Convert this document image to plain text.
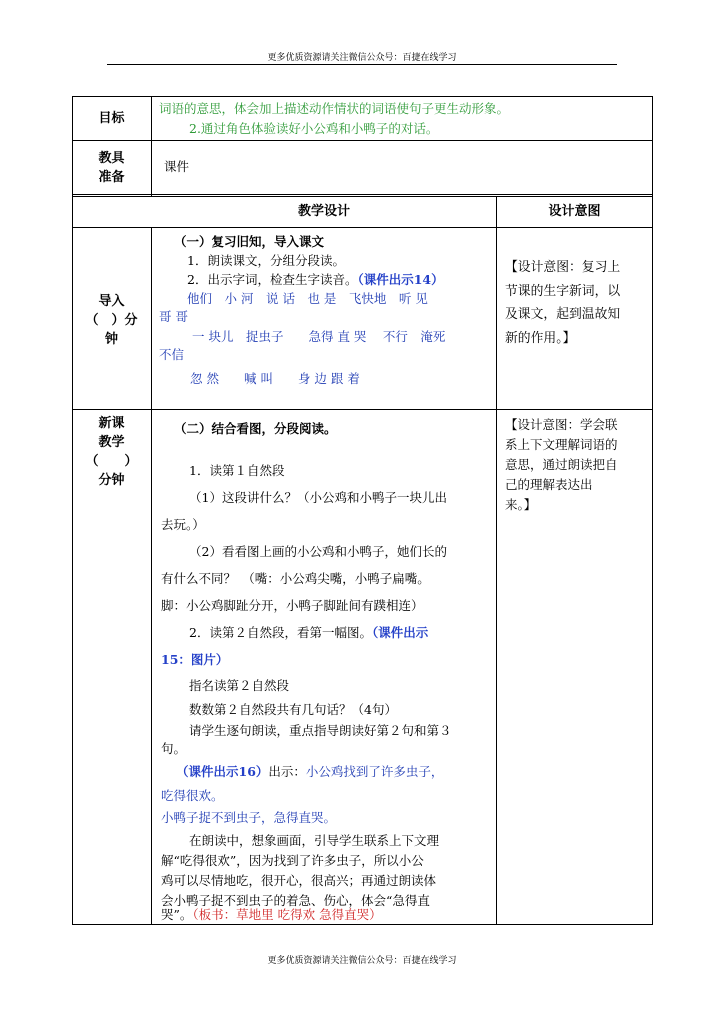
更多优质资源请关注微信公众号：百捷在线学习
目标
词语的意思，体会加上描述动作情状的词语使句子更生动形象。
2.通过角色体验读好小公鸡和小鸭子的对话。
教具
准备
课件
教学设计	设计意图
导入
（　）分
钟
（一）复习旧知，导入课文
1．朗读课文，分组分段读。
2．出示字词，检查生字读音。（课件出示14）
他们　小 河　说 话　也 是　飞快地　听 见
哥 哥
一 块儿　捉虫子　　急得 直 哭　 不行　淹死
不信
忽 然　　喊 叫　　身 边 跟 着
【设计意图：复习上
节课的生字新词，以
及课文，起到温故知
新的作用。】
新课
教学
（　　）
分钟
（二）结合看图，分段阅读。
1．读第１自然段
（1）这段讲什么？（小公鸡和小鸭子一块儿出
去玩。）
（2）看看图上画的小公鸡和小鸭子，她们长的
有什么不同？　（嘴：小公鸡尖嘴，小鸭子扁嘴。
脚：小公鸡脚趾分开，小鸭子脚趾间有蹼相连）
2．读第２自然段，看第一幅图。（课件出示
15：图片）
指名读第２自然段
数数第２自然段共有几句话？（4句）
请学生逐句朗读，重点指导朗读好第２句和第３
句。
（课件出示16）出示：小公鸡找到了许多虫子，
吃得很欢。
小鸭子捉不到虫子，急得直哭。
在朗读中，想象画面，引导学生联系上下文理
解“吃得很欢”，因为找到了许多虫子，所以小公
鸡可以尽情地吃，很开心，很高兴；再通过朗读体
会小鸭子捉不到虫子的着急、伤心，体会“急得直
哭”。（板书：草地里 吃得欢 急得直哭）
【设计意图：学会联
系上下文理解词语的
意思，通过朗读把自
己的理解表达出
来。】
更多优质资源请关注微信公众号：百捷在线学习
